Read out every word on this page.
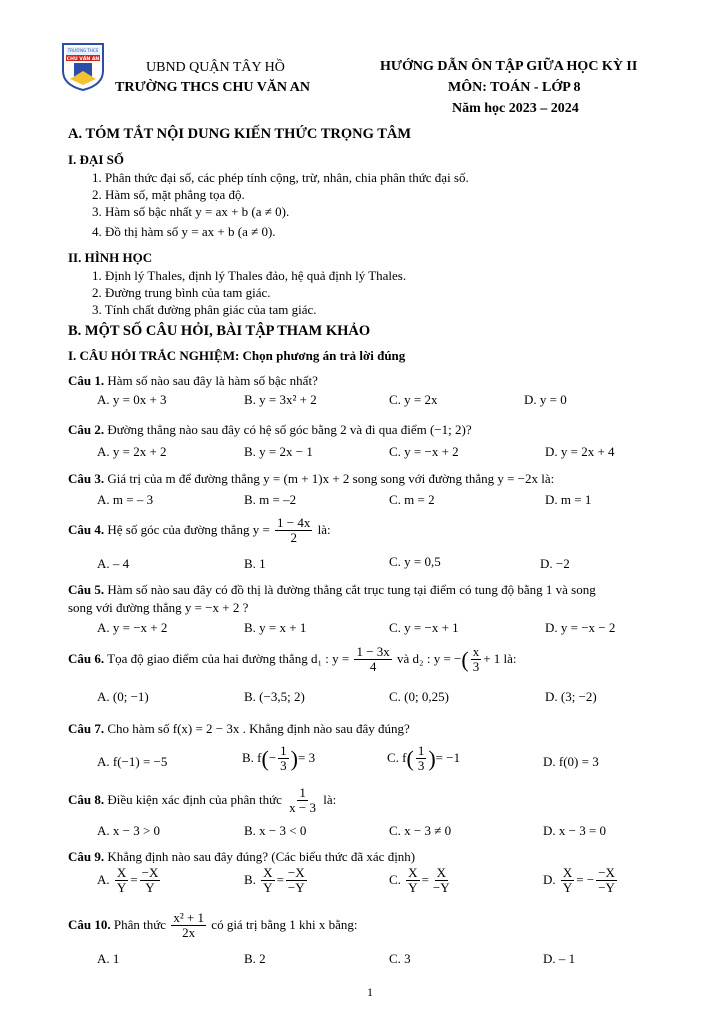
TRƯỜNG THCS
CHU VĂN AN
UBND QUẬN TÂY HỒ
TRƯỜNG THCS CHU VĂN AN
HƯỚNG DẪN ÔN TẬP GIỮA HỌC KỲ II
MÔN: TOÁN - LỚP 8
Năm học 2023 – 2024
A. TÓM TẮT NỘI DUNG KIẾN THỨC TRỌNG TÂM
I. ĐẠI SỐ
1. Phân thức đại số, các phép tính cộng, trừ, nhân, chia phân thức đại số.
2. Hàm số, mặt phẳng tọa độ.
3. Hàm số bậc nhất y = ax + b (a ≠ 0).
4. Đồ thị hàm số y = ax + b (a ≠ 0).
II. HÌNH HỌC
1. Định lý Thales, định lý Thales đảo, hệ quả định lý Thales.
2. Đường trung bình của tam giác.
3. Tính chất đường phân giác của tam giác.
B. MỘT SỐ CÂU HỎI, BÀI TẬP THAM KHẢO
I. CÂU HỎI TRẮC NGHIỆM: Chọn phương án trả lời đúng
Câu 1. Hàm số nào sau đây là hàm số bậc nhất?
A. y = 0x + 3	B. y = 3x² + 2	C. y = 2x	D. y = 0
Câu 2. Đường thẳng nào sau đây có hệ số góc bằng 2 và đi qua điểm (−1; 2)?
A. y = 2x + 2	B. y = 2x − 1	C. y = −x + 2	D. y = 2x + 4
Câu 3. Giá trị của m để đường thẳng y = (m + 1)x + 2 song song với đường thẳng y = −2x là:
A. m = – 3	B. m = –2	C. m = 2	D. m = 1
Câu 4. Hệ số góc của đường thẳng $y = \frac{1 - 4x}{2}$ là:
A. – 4	B. 1	C. y = 0,5	D. −2
Câu 5. Hàm số nào sau đây có đồ thị là đường thẳng cắt trục tung tại điểm có tung độ bằng 1 và song
song với đường thẳng y = −x + 2 ?
A. y = −x + 2	B. y = x + 1	C. y = −x + 1	D. y = −x − 2
Câu 6. Tọa độ giao điểm của hai đường thẳng d₁ : $y = \frac{1 - 3x}{4}$ và d₂ : y = −( $\frac{x}{3} + 1$ là:
A. (0; −1)	B. (−3,5; 2)	C. (0; 0,25)	D. (3; −2)
Câu 7. Cho hàm số f(x) = 2 − 3x . Khẳng định nào sau đây đúng?
A. f(−1) = −5	B. $f(- \frac{1}{3}$ )= 3	C. $f( \frac{1}{3}$ )= −1	D. f(0) = 3
Câu 8. Điều kiện xác định của phân thức $\frac{1}{x - 3}$ là:
A. x − 3 > 0	B. x − 3 < 0	C. x − 3 ≠ 0	D. x − 3 = 0
Câu 9. Khẳng định nào sau đây đúng? (Các biểu thức đã xác định)
A. $\frac{X}{Y} = \frac{-X}{Y}$	B. $\frac{X}{Y} = \frac{-X}{-Y}$	C. $\frac{X}{Y} = \frac{X}{-Y}$	D. $\frac{X}{Y}$ = − $\frac{-X}{-Y}$
Câu 10. Phân thức $\frac{\text{x² + 1}}{2x}$ có giá trị bằng 1 khi x bằng:
A. 1	B. 2	C. 3	D. – 1
1
